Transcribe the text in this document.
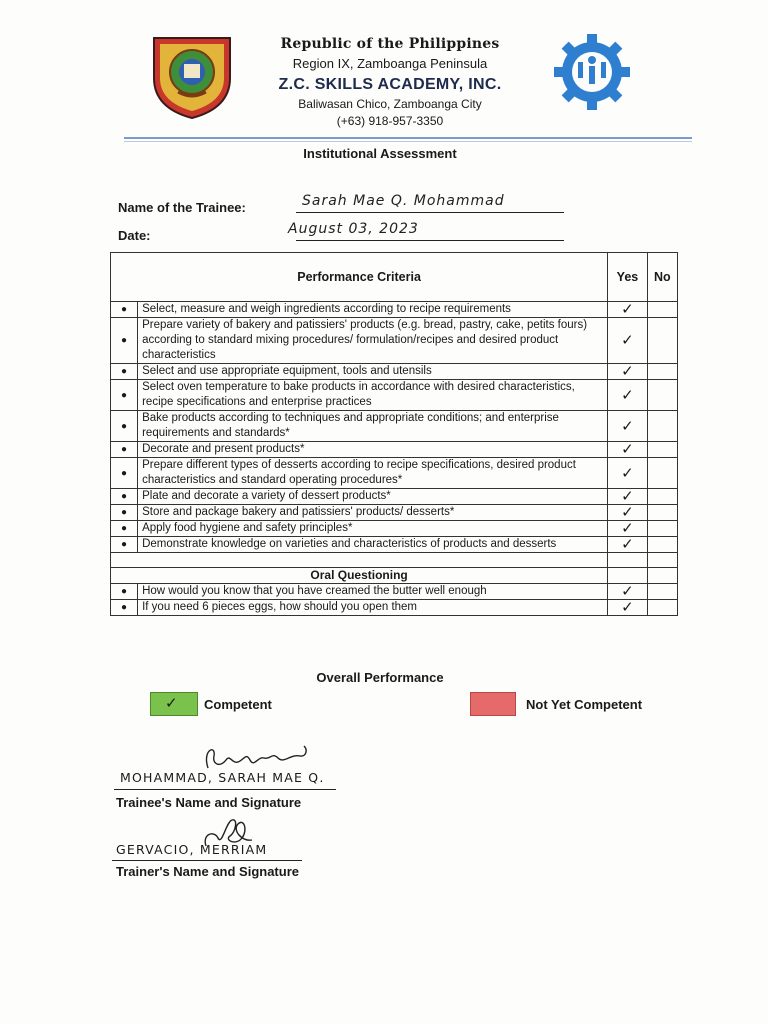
Republic of the Philippines
Region IX, Zamboanga Peninsula
Z.C. SKILLS ACADEMY, INC.
Baliwasan Chico, Zamboanga City
(+63) 918-957-3350
Institutional Assessment
Name of the Trainee:	Sarah Mae Q. Mohammad
Date:	August 03, 2023
Performance Criteria		Yes	No
●	Select, measure and weigh ingredients according to recipe requirements	✓	
●	Prepare variety of bakery and patissiers' products (e.g. bread, pastry, cake, petits fours) according to standard mixing procedures/ formulation/recipes and desired product characteristics	✓	
●	Select and use appropriate equipment, tools and utensils	✓	
●	Select oven temperature to bake products in accordance with desired characteristics, recipe specifications and enterprise practices	✓	
●	Bake products according to techniques and appropriate conditions; and enterprise requirements and standards*	✓	
●	Decorate and present products*	✓	
●	Prepare different types of desserts according to recipe specifications, desired product characteristics and standard operating procedures*	✓	
●	Plate and decorate a variety of dessert products*	✓	
●	Store and package bakery and patissiers' products/ desserts*	✓	
●	Apply food hygiene and safety principles*	✓	
●	Demonstrate knowledge on varieties and characteristics of products and desserts	✓	

Oral Questioning			
●	How would you know that you have creamed the butter well enough	✓	
●	If you need 6 pieces eggs, how should you open them	✓	
Overall Performance
✓ Competent	Not Yet Competent
MOHAMMAD, SARAH MAE Q.
Trainee's Name and Signature
GERVACIO, MERRIAM
Trainer's Name and Signature
